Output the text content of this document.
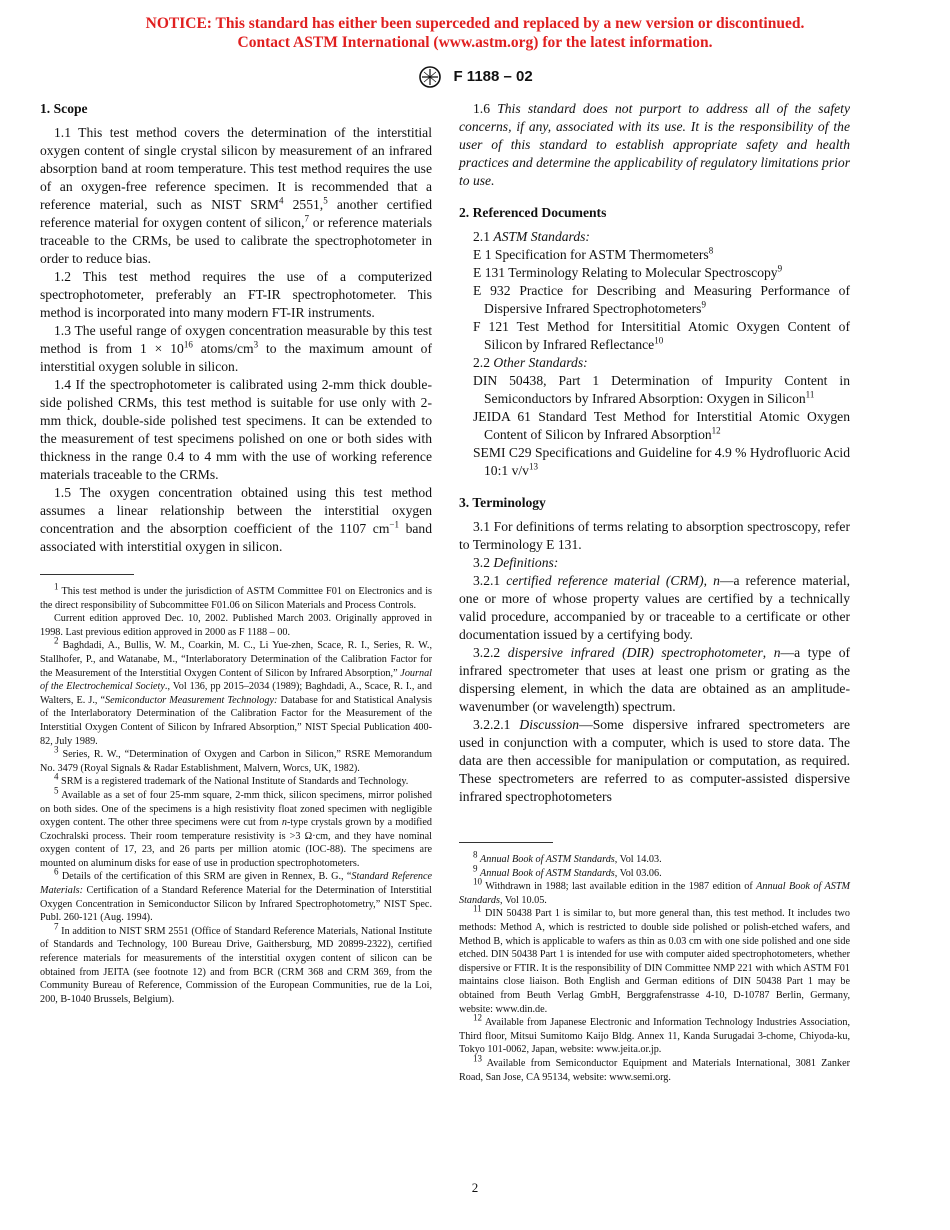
NOTICE: This standard has either been superceded and replaced by a new version or discontinued.
Contact ASTM International (www.astm.org) for the latest information.
F 1188 – 02
1. Scope

1.1 This test method covers the determination of the interstitial oxygen content of single crystal silicon by measurement of an infrared absorption band at room temperature. This test method requires the use of an oxygen-free reference specimen. It is recommended that a reference material, such as NIST SRM$^4$ 2551,$^5$ another certified reference material for oxygen content of silicon,$^7$ or reference materials traceable to the CRMs, be used to calibrate the spectrophotometer in order to reduce bias.

1.2 This test method requires the use of a computerized spectrophotometer, preferably an FT-IR spectrophotometer. This method is incorporated into many modern FT-IR instruments.

1.3 The useful range of oxygen concentration measurable by this test method is from $1 \times 10^{16}$ atoms/$cm^3$ to the maximum amount of interstitial oxygen soluble in silicon.

1.4 If the spectrophotometer is calibrated using 2-mm thick double-side polished CRMs, this test method is suitable for use only with 2-mm thick, double-side polished test specimens. It can be extended to the measurement of test specimens polished on one or both sides with thickness in the range 0.4 to 4 mm with the use of working reference materials traceable to the CRMs.

1.5 The oxygen concentration obtained using this test method assumes a linear relationship between the interstitial oxygen concentration and the absorption coefficient of the 1107 $cm^{-1}$ band associated with interstitial oxygen in silicon.

$^1$ This test method is under the jurisdiction of ASTM Committee F01 on Electronics and is the direct responsibility of Subcommittee F01.06 on Silicon Materials and Process Controls.

Current edition approved Dec. 10, 2002. Published March 2003. Originally approved in 1998. Last previous edition approved in 2000 as F 1188 – 00.

$^2$ Baghdadi, A., Bullis, W. M., Coarkin, M. C., Li Yue-zhen, Scace, R. I., Series, R. W., Stallhofer, P., and Watanabe, M., “Interlaboratory Determination of the Calibration Factor for the Measurement of the Interstitial Oxygen Content of Silicon by Infrared Absorption,” Journal of the Electrochemical Society., Vol 136, pp 2015–2034 (1989); Baghdadi, A., Scace, R. I., and Walters, E. J., “Semiconductor Measurement Technology: Database for and Statistical Analysis of the Interlaboratory Determination of the Calibration Factor for the Measurement of the Interstitial Oxygen Content of Silicon by Infrared Absorption,” NIST Special Publication 400-82, July 1989.

$^3$ Series, R. W., “Determination of Oxygen and Carbon in Silicon,” RSRE Memorandum No. 3479 (Royal Signals & Radar Establishment, Malvern, Worcs, UK, 1982).

$^4$ SRM is a registered trademark of the National Institute of Standards and Technology.

$^5$ Available as a set of four 25-mm square, 2-mm thick, silicon specimens, mirror polished on both sides. One of the specimens is a high resistivity float zoned specimen with negligible oxygen content. The other three specimens were cut from n-type crystals grown by a modified Czochralski process. Their room temperature resistivity is >3 Ω·cm, and they have nominal oxygen content of 17, 23, and 26 parts per million atomic (IOC-88). The specimens are mounted on aluminum disks for ease of use in production spectrophotometers.

$^6$ Details of the certification of this SRM are given in Rennex, B. G., “Standard Reference Materials: Certification of a Standard Reference Material for the Determination of Interstitial Oxygen Concentration in Semiconductor Silicon by Infrared Spectrophotometry,” NIST Spec. Publ. 260-121 (Aug. 1994).

$^7$ In addition to NIST SRM 2551 (Office of Standard Reference Materials, National Institute of Standards and Technology, 100 Bureau Drive, Gaithersburg, MD 20899-2322), certified reference materials for measurements of the interstitial oxygen content of silicon can be obtained from JEITA (see footnote 12) and from BCR (CRM 368 and CRM 369, from the Community Bureau of Reference, Commission of the European Communities, rue de la Loi, 200, B-1040 Brussels, Belgium).

1.6 This standard does not purport to address all of the safety concerns, if any, associated with its use. It is the responsibility of the user of this standard to establish appropriate safety and health practices and determine the applicability of regulatory limitations prior to use.

2. Referenced Documents

2.1 ASTM Standards:

E 1 Specification for ASTM Thermometers$^8$

E 131 Terminology Relating to Molecular Spectroscopy$^9$

E 932 Practice for Describing and Measuring Performance of Dispersive Infrared Spectrophotometers$^9$

F 121 Test Method for Intersititial Atomic Oxygen Content of Silicon by Infrared Reflectance$^{10}$

2.2 Other Standards:

DIN 50438, Part 1 Determination of Impurity Content in Semiconductors by Infrared Absorption: Oxygen in Silicon$^{11}$

JEIDA 61 Standard Test Method for Interstitial Atomic Oxygen Content of Silicon by Infrared Absorption$^{12}$

SEMI C29 Specifications and Guideline for 4.9 % Hydrofluoric Acid 10:1 $v/v^{13}$

3. Terminology

3.1 For definitions of terms relating to absorption spectroscopy, refer to Terminology E 131.

3.2 Definitions:

3.2.1 certified reference material (CRM), n—a reference material, one or more of whose property values are certified by a technically valid procedure, accompanied by or traceable to a certificate or other documentation issued by a certifying body.

3.2.2 dispersive infrared (DIR) spectrophotometer, n—a type of infrared spectrometer that uses at least one prism or grating as the dispersing element, in which the data are obtained as an amplitude-wavenumber (or wavelength) spectrum.

3.2.2.1 Discussion—Some dispersive infrared spectrometers are used in conjunction with a computer, which is used to store data. The data are then accessible for manipulation or computation, as required. These spectrometers are referred to as computer-assisted dispersive infrared spectrophotometers

$^8$ Annual Book of ASTM Standards, Vol 14.03.

$^9$ Annual Book of ASTM Standards, Vol 03.06.

$^{10}$ Withdrawn in 1988; last available edition in the 1987 edition of Annual Book of ASTM Standards, Vol 10.05.

$^{11}$ DIN 50438 Part 1 is similar to, but more general than, this test method. It includes two methods: Method A, which is restricted to double side polished or polish-etched wafers, and Method B, which is applicable to wafers as thin as 0.03 cm with one side polished and one side etched. DIN 50438 Part 1 is intended for use with computer aided spectrophotometers, whether dispersive or FTIR. It is the responsibility of DIN Committee NMP 221 with which ASTM F01 maintains close liaison. Both English and German editions of DIN 50438 Part 1 may be obtained from Beuth Verlag GmbH, Berggrafenstrasse 4-10, D-10787 Berlin, Germany, website: www.din.de.

$^{12}$ Available from Japanese Electronic and Information Technology Industries Association, Third floor, Mitsui Sumitomo Kaijo Bldg. Annex 11, Kanda Surugadai 3-chome, Chiyoda-ku, Tokyo 101-0062, Japan, website: www.jeita.or.jp.

$^{13}$ Available from Semiconductor Equipment and Materials International, 3081 Zanker Road, San Jose, CA 95134, website: www.semi.org.

2
